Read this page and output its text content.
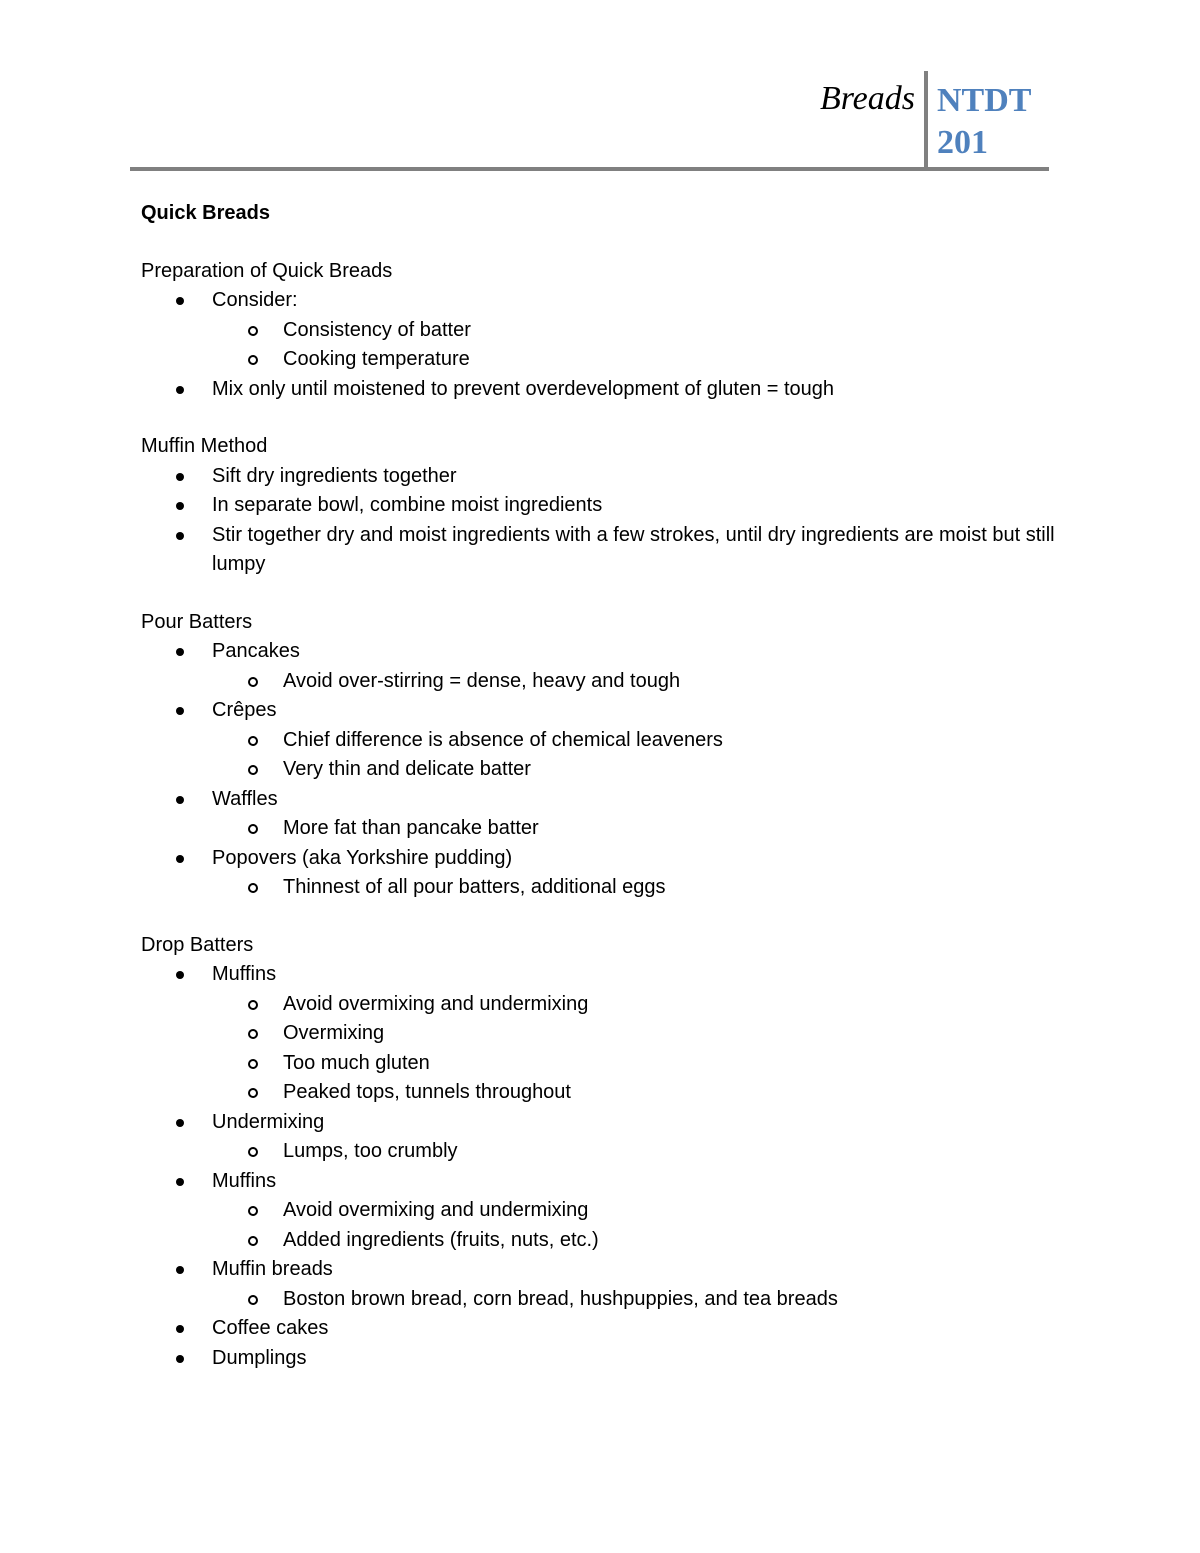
Breads NTDT 201
Quick Breads
Preparation of Quick Breads
Consider:
Consistency of batter
Cooking temperature
Mix only until moistened to prevent overdevelopment of gluten = tough
Muffin Method
Sift dry ingredients together
In separate bowl, combine moist ingredients
Stir together dry and moist ingredients with a few strokes, until dry ingredients are moist but still lumpy
Pour Batters
Pancakes
Avoid over-stirring = dense, heavy and tough
Crêpes
Chief difference is absence of chemical leaveners
Very thin and delicate batter
Waffles
More fat than pancake batter
Popovers (aka Yorkshire pudding)
Thinnest of all pour batters, additional eggs
Drop Batters
Muffins
Avoid overmixing and undermixing
Overmixing
Too much gluten
Peaked tops, tunnels throughout
Undermixing
Lumps, too crumbly
Muffins
Avoid overmixing and undermixing
Added ingredients (fruits, nuts, etc.)
Muffin breads
Boston brown bread, corn bread, hushpuppies, and tea breads
Coffee cakes
Dumplings
